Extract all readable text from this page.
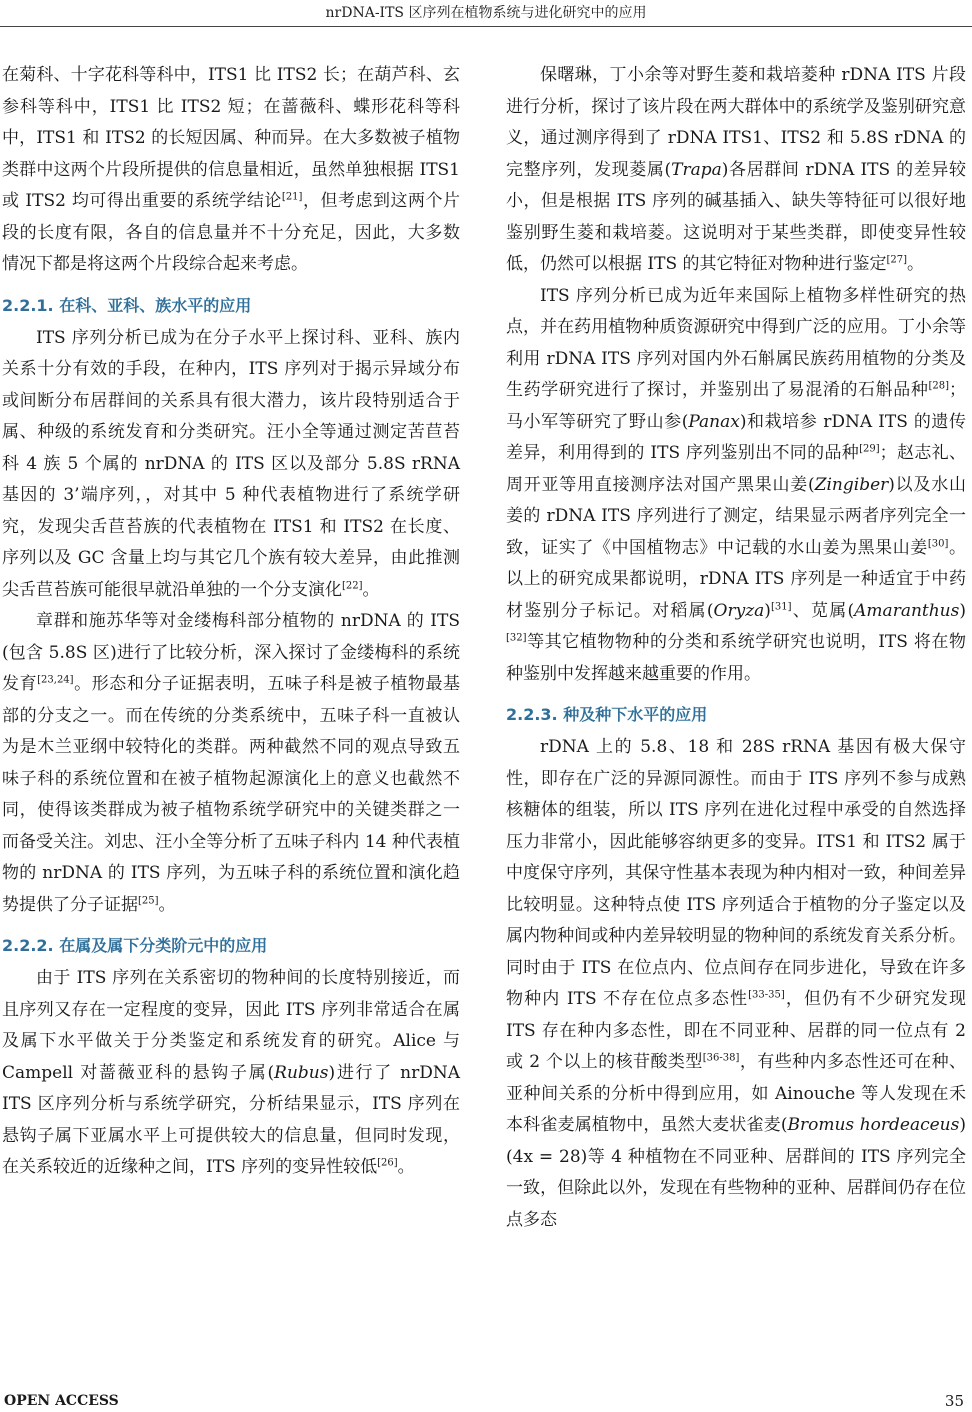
nrDNA-ITS 区序列在植物系统与进化研究中的应用

在菊科、十字花科等科中，ITS1 比 ITS2 长；在葫芦科、玄参科等科中，ITS1 比 ITS2 短；在蔷薇科、蝶形花科等科中，ITS1 和 ITS2 的长短因属、种而异。在大多数被子植物类群中这两个片段所提供的信息量相近，虽然单独根据 ITS1 或 ITS2 均可得出重要的系统学结论[21]，但考虑到这两个片段的长度有限，各自的信息量并不十分充足，因此，大多数情况下都是将这两个片段综合起来考虑。

2.2.1. 在科、亚科、族水平的应用

ITS 序列分析已成为在分子水平上探讨科、亚科、族内关系十分有效的手段，在种内，ITS 序列对于揭示异域分布或间断分布居群间的关系具有很大潜力，该片段特别适合于属、种级的系统发育和分类研究。汪小全等通过测定苦苣苔科 4 族 5 个属的 nrDNA 的 ITS 区以及部分 5.8S rRNA 基因的 3’端序列，，对其中 5 种代表植物进行了系统学研究，发现尖舌苣苔族的代表植物在 ITS1 和 ITS2 在长度、序列以及 GC 含量上均与其它几个族有较大差异，由此推测尖舌苣苔族可能很早就沿单独的一个分支演化[22]。

章群和施苏华等对金缕梅科部分植物的 nrDNA 的 ITS (包含 5.8S 区)进行了比较分析，深入探讨了金缕梅科的系统发育[23,24]。形态和分子证据表明，五味子科是被子植物最基部的分支之一。而在传统的分类系统中，五味子科一直被认为是木兰亚纲中较特化的类群。两种截然不同的观点导致五味子科的系统位置和在被子植物起源演化上的意义也截然不同，使得该类群成为被子植物系统学研究中的关键类群之一而备受关注。刘忠、汪小全等分析了五味子科内 14 种代表植物的 nrDNA 的 ITS 序列，为五味子科的系统位置和演化趋势提供了分子证据[25]。

2.2.2. 在属及属下分类阶元中的应用

由于 ITS 序列在关系密切的物种间的长度特别接近，而且序列又存在一定程度的变异，因此 ITS 序列非常适合在属及属下水平做关于分类鉴定和系统发育的研究。Alice 与 Campell 对蔷薇亚科的悬钩子属(Rubus)进行了 nrDNA ITS 区序列分析与系统学研究，分析结果显示，ITS 序列在悬钩子属下亚属水平上可提供较大的信息量，但同时发现，在关系较近的近缘种之间，ITS 序列的变异性较低[26]。

保曙琳，丁小余等对野生菱和栽培菱种 rDNA ITS 片段进行分析，探讨了该片段在两大群体中的系统学及鉴别研究意义，通过测序得到了 rDNA ITS1、ITS2 和 5.8S rDNA 的完整序列，发现菱属(Trapa)各居群间 rDNA ITS 的差异较小，但是根据 ITS 序列的碱基插入、缺失等特征可以很好地鉴别野生菱和栽培菱。这说明对于某些类群，即使变异性较低，仍然可以根据 ITS 的其它特征对物种进行鉴定[27]。

ITS 序列分析已成为近年来国际上植物多样性研究的热点，并在药用植物种质资源研究中得到广泛的应用。丁小余等利用 rDNA ITS 序列对国内外石斛属民族药用植物的分类及生药学研究进行了探讨，并鉴别出了易混淆的石斛品种[28]；马小军等研究了野山参(Panax)和栽培参 rDNA ITS 的遗传差异，利用得到的 ITS 序列鉴别出不同的品种[29]；赵志礼、周开亚等用直接测序法对国产黑果山姜(Zingiber)以及水山姜的 rDNA ITS 序列进行了测定，结果显示两者序列完全一致，证实了《中国植物志》中记载的水山姜为黑果山姜[30]。以上的研究成果都说明，rDNA ITS 序列是一种适宜于中药材鉴别分子标记。对稻属(Oryza)[31]、苋属(Amaranthus)[32]等其它植物物种的分类和系统学研究也说明，ITS 将在物种鉴别中发挥越来越重要的作用。

2.2.3. 种及种下水平的应用

rDNA 上的 5.8、18 和 28S rRNA 基因有极大保守性，即存在广泛的异源同源性。而由于 ITS 序列不参与成熟核糖体的组装，所以 ITS 序列在进化过程中承受的自然选择压力非常小，因此能够容纳更多的变异。ITS1 和 ITS2 属于中度保守序列，其保守性基本表现为种内相对一致，种间差异比较明显。这种特点使 ITS 序列适合于植物的分子鉴定以及属内物种间或种内差异较明显的物种间的系统发育关系分析。同时由于 ITS 在位点内、位点间存在同步进化，导致在许多物种内 ITS 不存在位点多态性[33-35]，但仍有不少研究发现 ITS 存在种内多态性，即在不同亚种、居群的同一位点有 2 或 2 个以上的核苷酸类型[36-38]，有些种内多态性还可在种、亚种间关系的分析中得到应用，如 Ainouche 等人发现在禾本科雀麦属植物中，虽然大麦状雀麦(Bromus hordeaceus)(4x = 28)等 4 种植物在不同亚种、居群间的 ITS 序列完全一致，但除此以外，发现在有些物种的亚种、居群间仍存在位点多态

OPEN ACCESS	35
